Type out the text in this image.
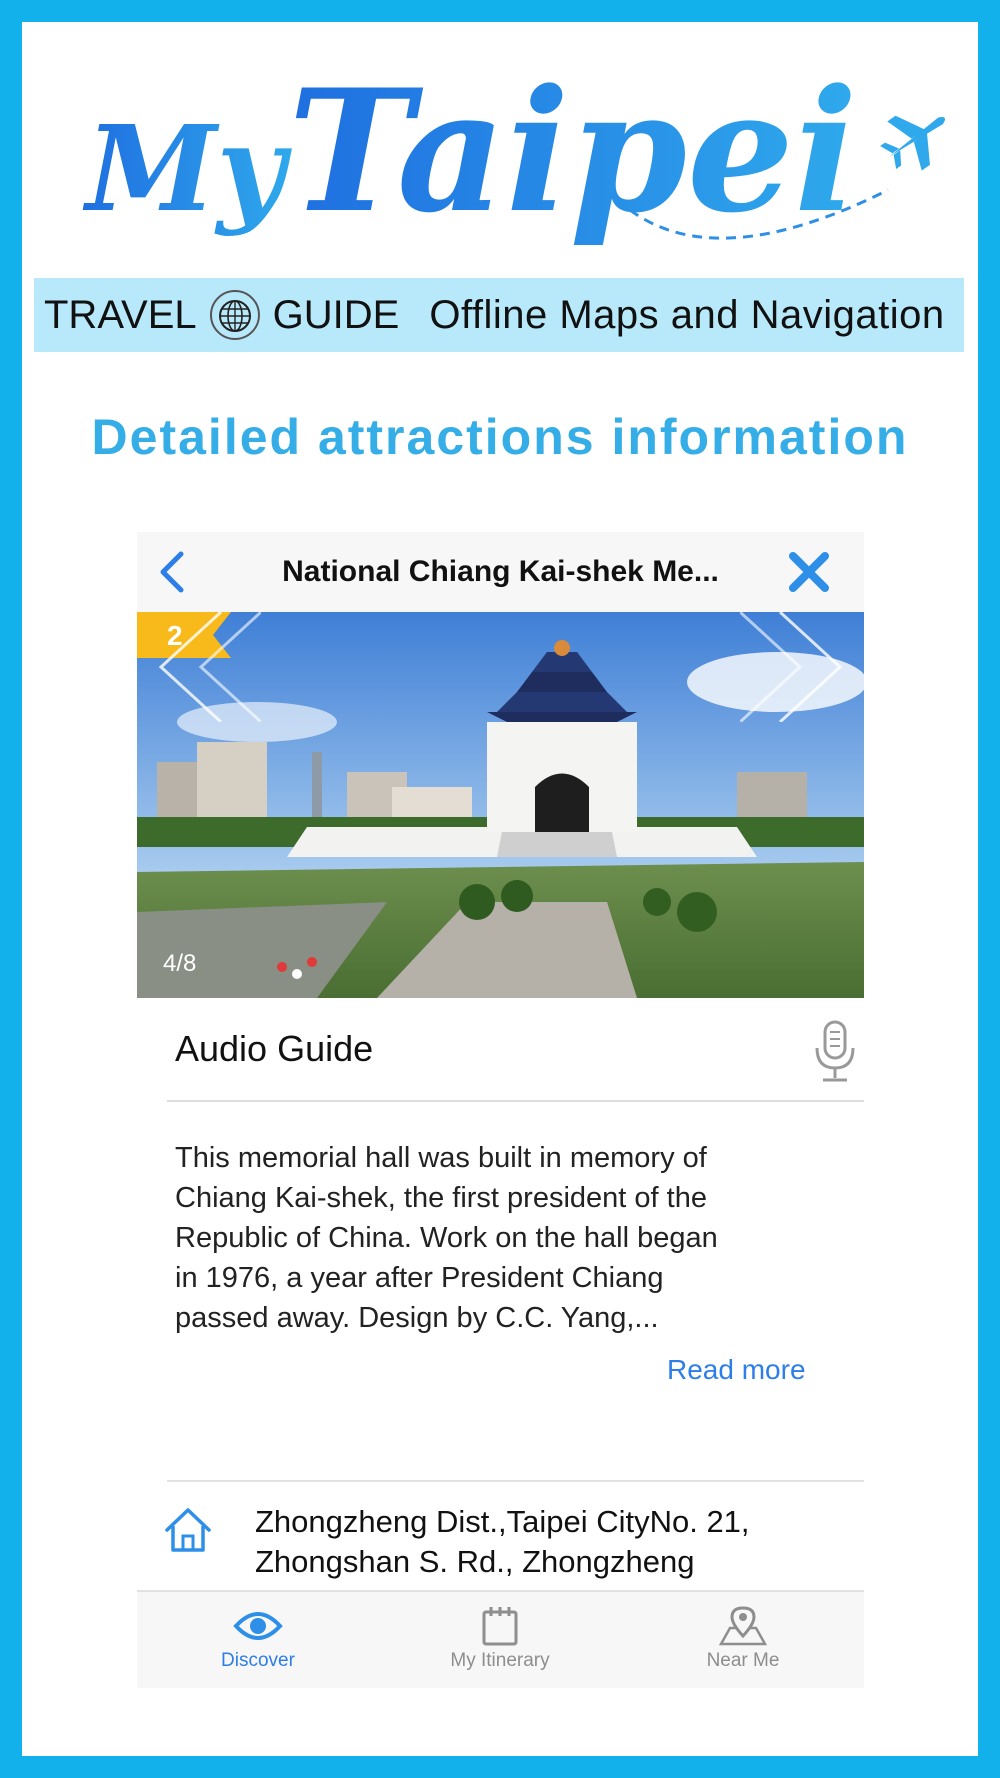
My Taipei
TRAVEL GUIDE Offline Maps and Navigation
Detailed attractions information
National Chiang Kai-shek Me...
2
4/8
Audio Guide
This memorial hall was built in memory of
Chiang Kai-shek, the first president of the
Republic of China. Work on the hall began
in 1976, a year after President Chiang
passed away. Design by C.C. Yang,...
Read more
Zhongzheng Dist.,Taipei CityNo. 21,
Zhongshan S. Rd., Zhongzheng
Discover	My Itinerary	Near Me
